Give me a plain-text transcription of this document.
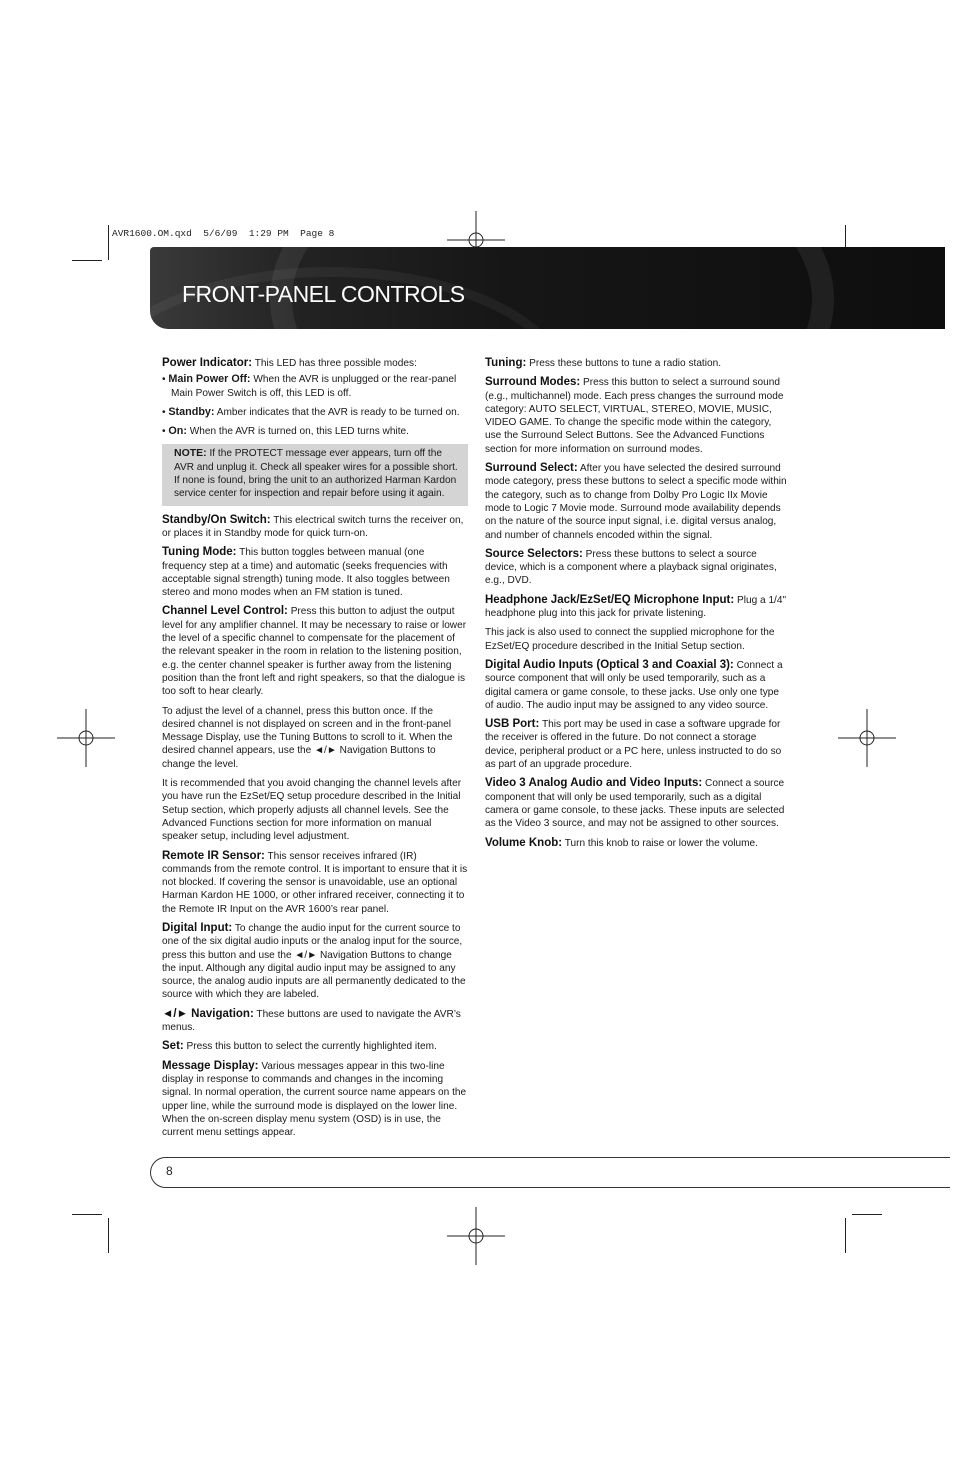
AVR1600.OM.qxd  5/6/09  1:29 PM  Page 8
FRONT-PANEL CONTROLS

Power Indicator: This LED has three possible modes:

• Main Power Off: When the AVR is unplugged or the rear-panel Main Power Switch is off, this LED is off.

• Standby: Amber indicates that the AVR is ready to be turned on.

• On: When the AVR is turned on, this LED turns white.

NOTE: If the PROTECT message ever appears, turn off the AVR and unplug it. Check all speaker wires for a possible short. If none is found, bring the unit to an authorized Harman Kardon service center for inspection and repair before using it again.

Standby/On Switch: This electrical switch turns the receiver on, or places it in Standby mode for quick turn-on.

Tuning Mode: This button toggles between manual (one frequency step at a time) and automatic (seeks frequencies with acceptable signal strength) tuning mode. It also toggles between stereo and mono modes when an FM station is tuned.

Channel Level Control: Press this button to adjust the output level for any amplifier channel. It may be necessary to raise or lower the level of a specific channel to compensate for the placement of the relevant speaker in the room in relation to the listening position, e.g. the center channel speaker is further away from the listening position than the front left and right speakers, so that the dialogue is too soft to hear clearly.

To adjust the level of a channel, press this button once. If the desired channel is not displayed on screen and in the front-panel Message Display, use the Tuning Buttons to scroll to it. When the desired channel appears, use the ◄/► Navigation Buttons to change the level.

It is recommended that you avoid changing the channel levels after you have run the EzSet/EQ setup procedure described in the Initial Setup section, which properly adjusts all channel levels. See the Advanced Functions section for more information on manual speaker setup, including level adjustment.

Remote IR Sensor: This sensor receives infrared (IR) commands from the remote control. It is important to ensure that it is not blocked. If covering the sensor is unavoidable, use an optional Harman Kardon HE 1000, or other infrared receiver, connecting it to the Remote IR Input on the AVR 1600’s rear panel.

Digital Input: To change the audio input for the current source to one of the six digital audio inputs or the analog input for the source, press this button and use the ◄/► Navigation Buttons to change the input. Although any digital audio input may be assigned to any source, the analog audio inputs are all permanently dedicated to the source with which they are labeled.

◄/► Navigation: These buttons are used to navigate the AVR’s menus.

Set: Press this button to select the currently highlighted item.

Message Display: Various messages appear in this two-line display in response to commands and changes in the incoming signal. In normal operation, the current source name appears on the upper line, while the surround mode is displayed on the lower line. When the on-screen display menu system (OSD) is in use, the current menu settings appear.

Tuning: Press these buttons to tune a radio station.

Surround Modes: Press this button to select a surround sound (e.g., multichannel) mode. Each press changes the surround mode category: AUTO SELECT, VIRTUAL, STEREO, MOVIE, MUSIC, VIDEO GAME. To change the specific mode within the category, use the Surround Select Buttons. See the Advanced Functions section for more information on surround modes.

Surround Select: After you have selected the desired surround mode category, press these buttons to select a specific mode within the category, such as to change from Dolby Pro Logic IIx Movie mode to Logic 7 Movie mode. Surround mode availability depends on the nature of the source input signal, i.e. digital versus analog, and number of channels encoded within the signal.

Source Selectors: Press these buttons to select a source device, which is a component where a playback signal originates, e.g., DVD.

Headphone Jack/EzSet/EQ Microphone Input: Plug a 1/4" headphone plug into this jack for private listening.

This jack is also used to connect the supplied microphone for the EzSet/EQ procedure described in the Initial Setup section.

Digital Audio Inputs (Optical 3 and Coaxial 3): Connect a source component that will only be used temporarily, such as a digital camera or game console, to these jacks. Use only one type of audio. The audio input may be assigned to any video source.

USB Port: This port may be used in case a software upgrade for the receiver is offered in the future. Do not connect a storage device, peripheral product or a PC here, unless instructed to do so as part of an upgrade procedure.

Video 3 Analog Audio and Video Inputs: Connect a source component that will only be used temporarily, such as a digital camera or game console, to these jacks. These inputs are selected as the Video 3 source, and may not be assigned to other sources.

Volume Knob: Turn this knob to raise or lower the volume.

8
